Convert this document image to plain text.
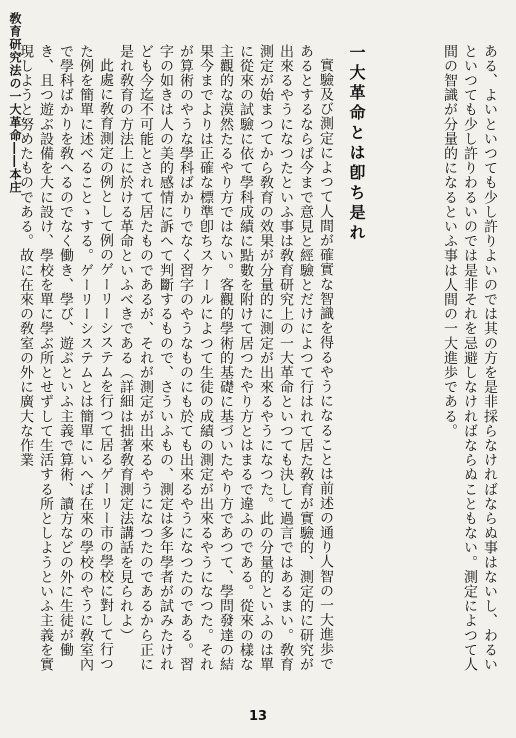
敎育研究法の一大革命――本庄	ある、よいといつても少し許りよいのでは其の方を是非採らなければならぬ事はないし、わるいといつても少し許りわるいのでは是非それを忌避しなければならぬこともない。測定によつて人間の智識が分量的になるといふ事は人間の一大進歩である。

一大革命とは卽ち是れ

實驗及び測定によつて人間が確實な智識を得るやうになることは前述の通り人智の一大進歩であるとするならば今まで意見と經驗とだけによつて行はれて居た敎育が實驗的、測定的に研究が出來るやうになつたといふ事は敎育研究上の一大革命といつても決して過言ではあるまい。敎育測定が始まつてから敎育の效果が分量的に測定が出來るやうになつた。此の分量的といふのは單に從來の試驗に依て學科成績に點數を附けて居つたやり方とはまるで違ふのである。從來の樣な主觀的な漠然たるやり方ではない。客觀的學術的基礎に基づいたやり方であつて、學問發達の結果今までよりは正確な標準卽ちスケールによつて生徒の成績の測定が出來るやうになつた。それが算術のやうな學科ばかりでなく習字のやうなものにも於ても出來るやうになつたのである。習字の如きは人の美的感情に訴へて判斷するもので、さういふもの、測定は多年學者が試みたけれども今迄不可能とされて居たものであるが、それが測定が出來るやうになつたのであるから正に是れ敎育の方法上に於ける革命といふべきである（詳細は拙著敎育測定法講話を見られよ）

此處に敎育測定の例として例のゲーリーシステムを行つて居るゲーリー市の學校に對して行つた例を簡單に述べることゝする。ゲーリーシステムとは簡單にいへば在來の學校のやうに敎室內で學科ばかりを敎へるのでなく働き、學び、遊ぶといふ主義で算術、讀方などの外に生徒が働き、且つ遊ぶ設備を大に設け、學校を單に學ぶ所とせずして生活する所としようといふ主義を實現しようと努めたものである。故に在來の敎室の外に廣大な作業

13
